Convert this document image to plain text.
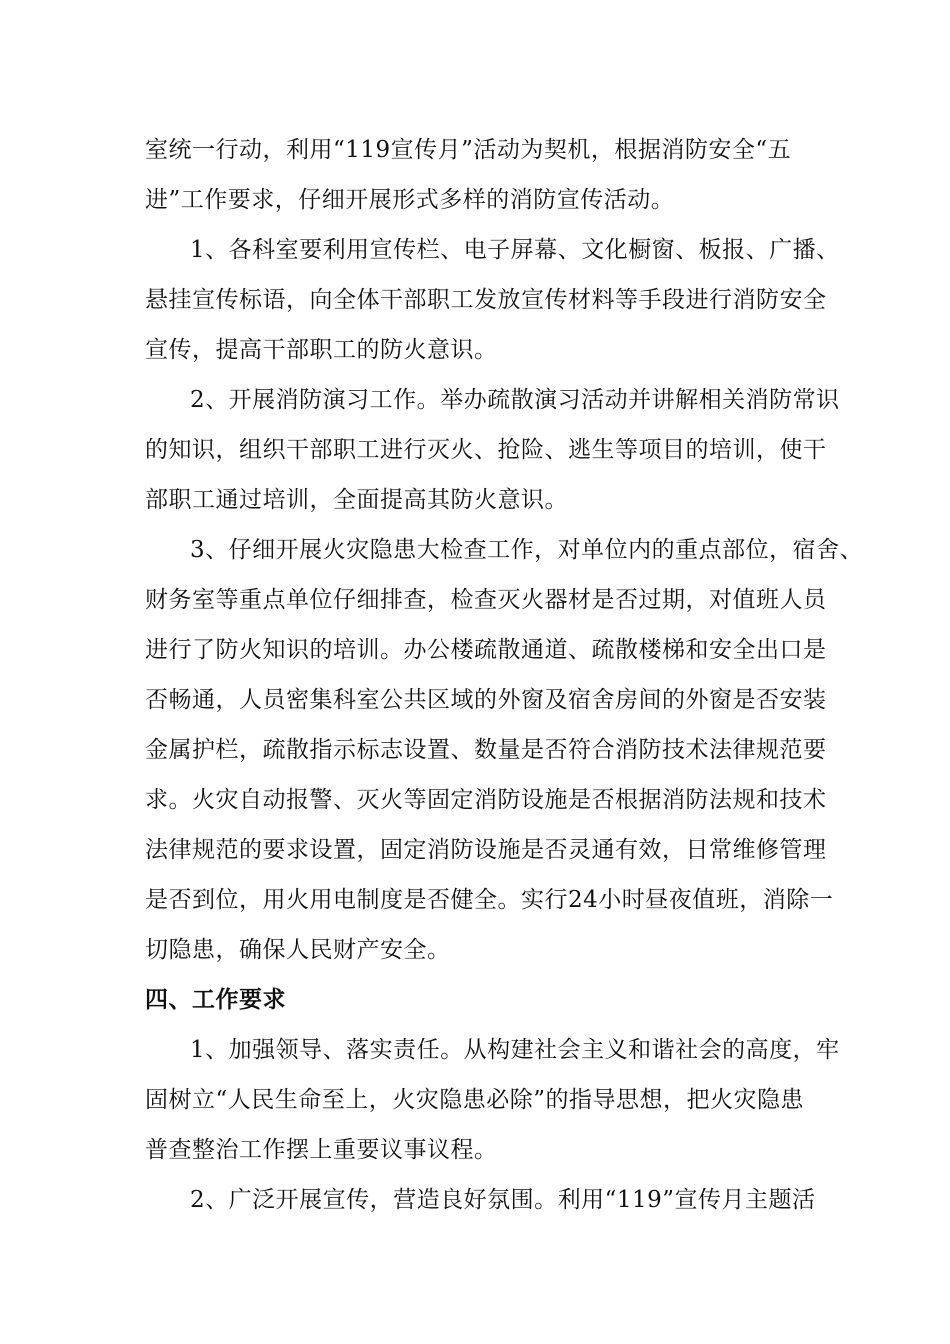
室统一行动，利用“119宣传月”活动为契机，根据消防安全“五
进”工作要求，仔细开展形式多样的消防宣传活动。
1、各科室要利用宣传栏、电子屏幕、文化橱窗、板报、广播、
悬挂宣传标语，向全体干部职工发放宣传材料等手段进行消防安全
宣传，提高干部职工的防火意识。
2、开展消防演习工作。举办疏散演习活动并讲解相关消防常识
的知识，组织干部职工进行灭火、抢险、逃生等项目的培训，使干
部职工通过培训，全面提高其防火意识。
3、仔细开展火灾隐患大检查工作，对单位内的重点部位，宿舍、
财务室等重点单位仔细排查，检查灭火器材是否过期，对值班人员
进行了防火知识的培训。办公楼疏散通道、疏散楼梯和安全出口是
否畅通，人员密集科室公共区域的外窗及宿舍房间的外窗是否安装
金属护栏，疏散指示标志设置、数量是否符合消防技术法律规范要
求。火灾自动报警、灭火等固定消防设施是否根据消防法规和技术
法律规范的要求设置，固定消防设施是否灵通有效，日常维修管理
是否到位，用火用电制度是否健全。实行24小时昼夜值班，消除一
切隐患，确保人民财产安全。
四、工作要求
1、加强领导、落实责任。从构建社会主义和谐社会的高度，牢
固树立“人民生命至上，火灾隐患必除”的指导思想，把火灾隐患
普查整治工作摆上重要议事议程。
2、广泛开展宣传，营造良好氛围。利用“119”宣传月主题活
